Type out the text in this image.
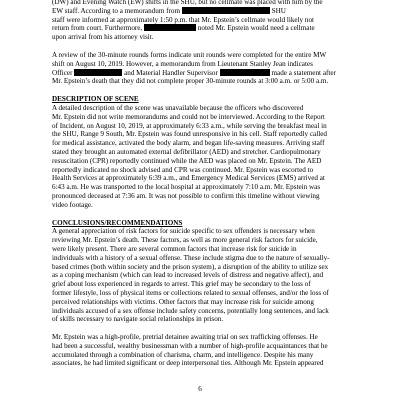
(DW) and Evening Watch (EW) shifts in the SHU, but no cellmate was placed with him by the
EW staff. According to a memorandum from	SHU
staff were informed at approximately 1:50 p.m. that Mr. Epstein’s cellmate would likely not
return from court. Furthermore,	noted Mr. Epstein would need a cellmate
upon arrival from his attorney visit.
A review of the 30-minute rounds forms indicate unit rounds were completed for the entire MW
shift on August 10, 2019. However, a memorandum from Lieutenant Stanley Jean indicates
Officer	and Material Handler Supervisor	made a statement after
Mr. Epstein’s death that they did not complete proper 30-minute rounds at 3:00 a.m. or 5:00 a.m.
DESCRIPTION OF SCENE
A detailed description of the scene was unavailable because the officers who discovered
Mr. Epstein did not write memorandums and could not be interviewed. According to the Report
of Incident, on August 10, 2019, at approximately 6:33 a.m., while serving the breakfast meal in
the SHU, Range 9 South, Mr. Epstein was found unresponsive in his cell. Staff reportedly called
for medical assistance, activated the body alarm, and began life-saving measures. Arriving staff
stated they brought an automated external defibrillator (AED) and stretcher. Cardiopulmonary
resuscitation (CPR) reportedly continued while the AED was placed on Mr. Epstein. The AED
reportedly indicated no shock advised and CPR was continued. Mr. Epstein was escorted to
Health Services at approximately 6:39 a.m., and Emergency Medical Services (EMS) arrived at
6:43 a.m. He was transported to the local hospital at approximately 7:10 a.m. Mr. Epstein was
pronounced deceased at 7:36 am. It was not possible to confirm this timeline without viewing
video footage.
CONCLUSIONS/RECOMMENDATIONS
A general appreciation of risk factors for suicide specific to sex offenders is necessary when
reviewing Mr. Epstein’s death. These factors, as well as more general risk factors for suicide,
were likely present. There are several common factors that increase risk for suicide in
individuals with a history of a sexual offense. These include stigma due to the nature of sexually-
based crimes (both within society and the prison system), a disruption of the ability to utilize sex
as a coping mechanism (which can lead to increased levels of distress and negative affect), and
grief about loss experienced in regards to arrest. This grief may be secondary to the loss of
former lifestyle, loss of physical items or collections related to sexual offenses, and/or the loss of
perceived relationships with victims. Other factors that may increase risk for suicide among
individuals accused of a sex offense include safety concerns, potentially long sentences, and lack
of skills necessary to navigate social relationships in prison.
Mr. Epstein was a high-profile, pretrial detainee awaiting trial on sex trafficking offenses. He
had been a successful, wealthy businessman with a number of high-profile acquaintances that he
accumulated through a combination of charisma, charm, and intelligence. Despite his many
associates, he had limited significant or deep interpersonal ties. Although Mr. Epstein appeared
6
